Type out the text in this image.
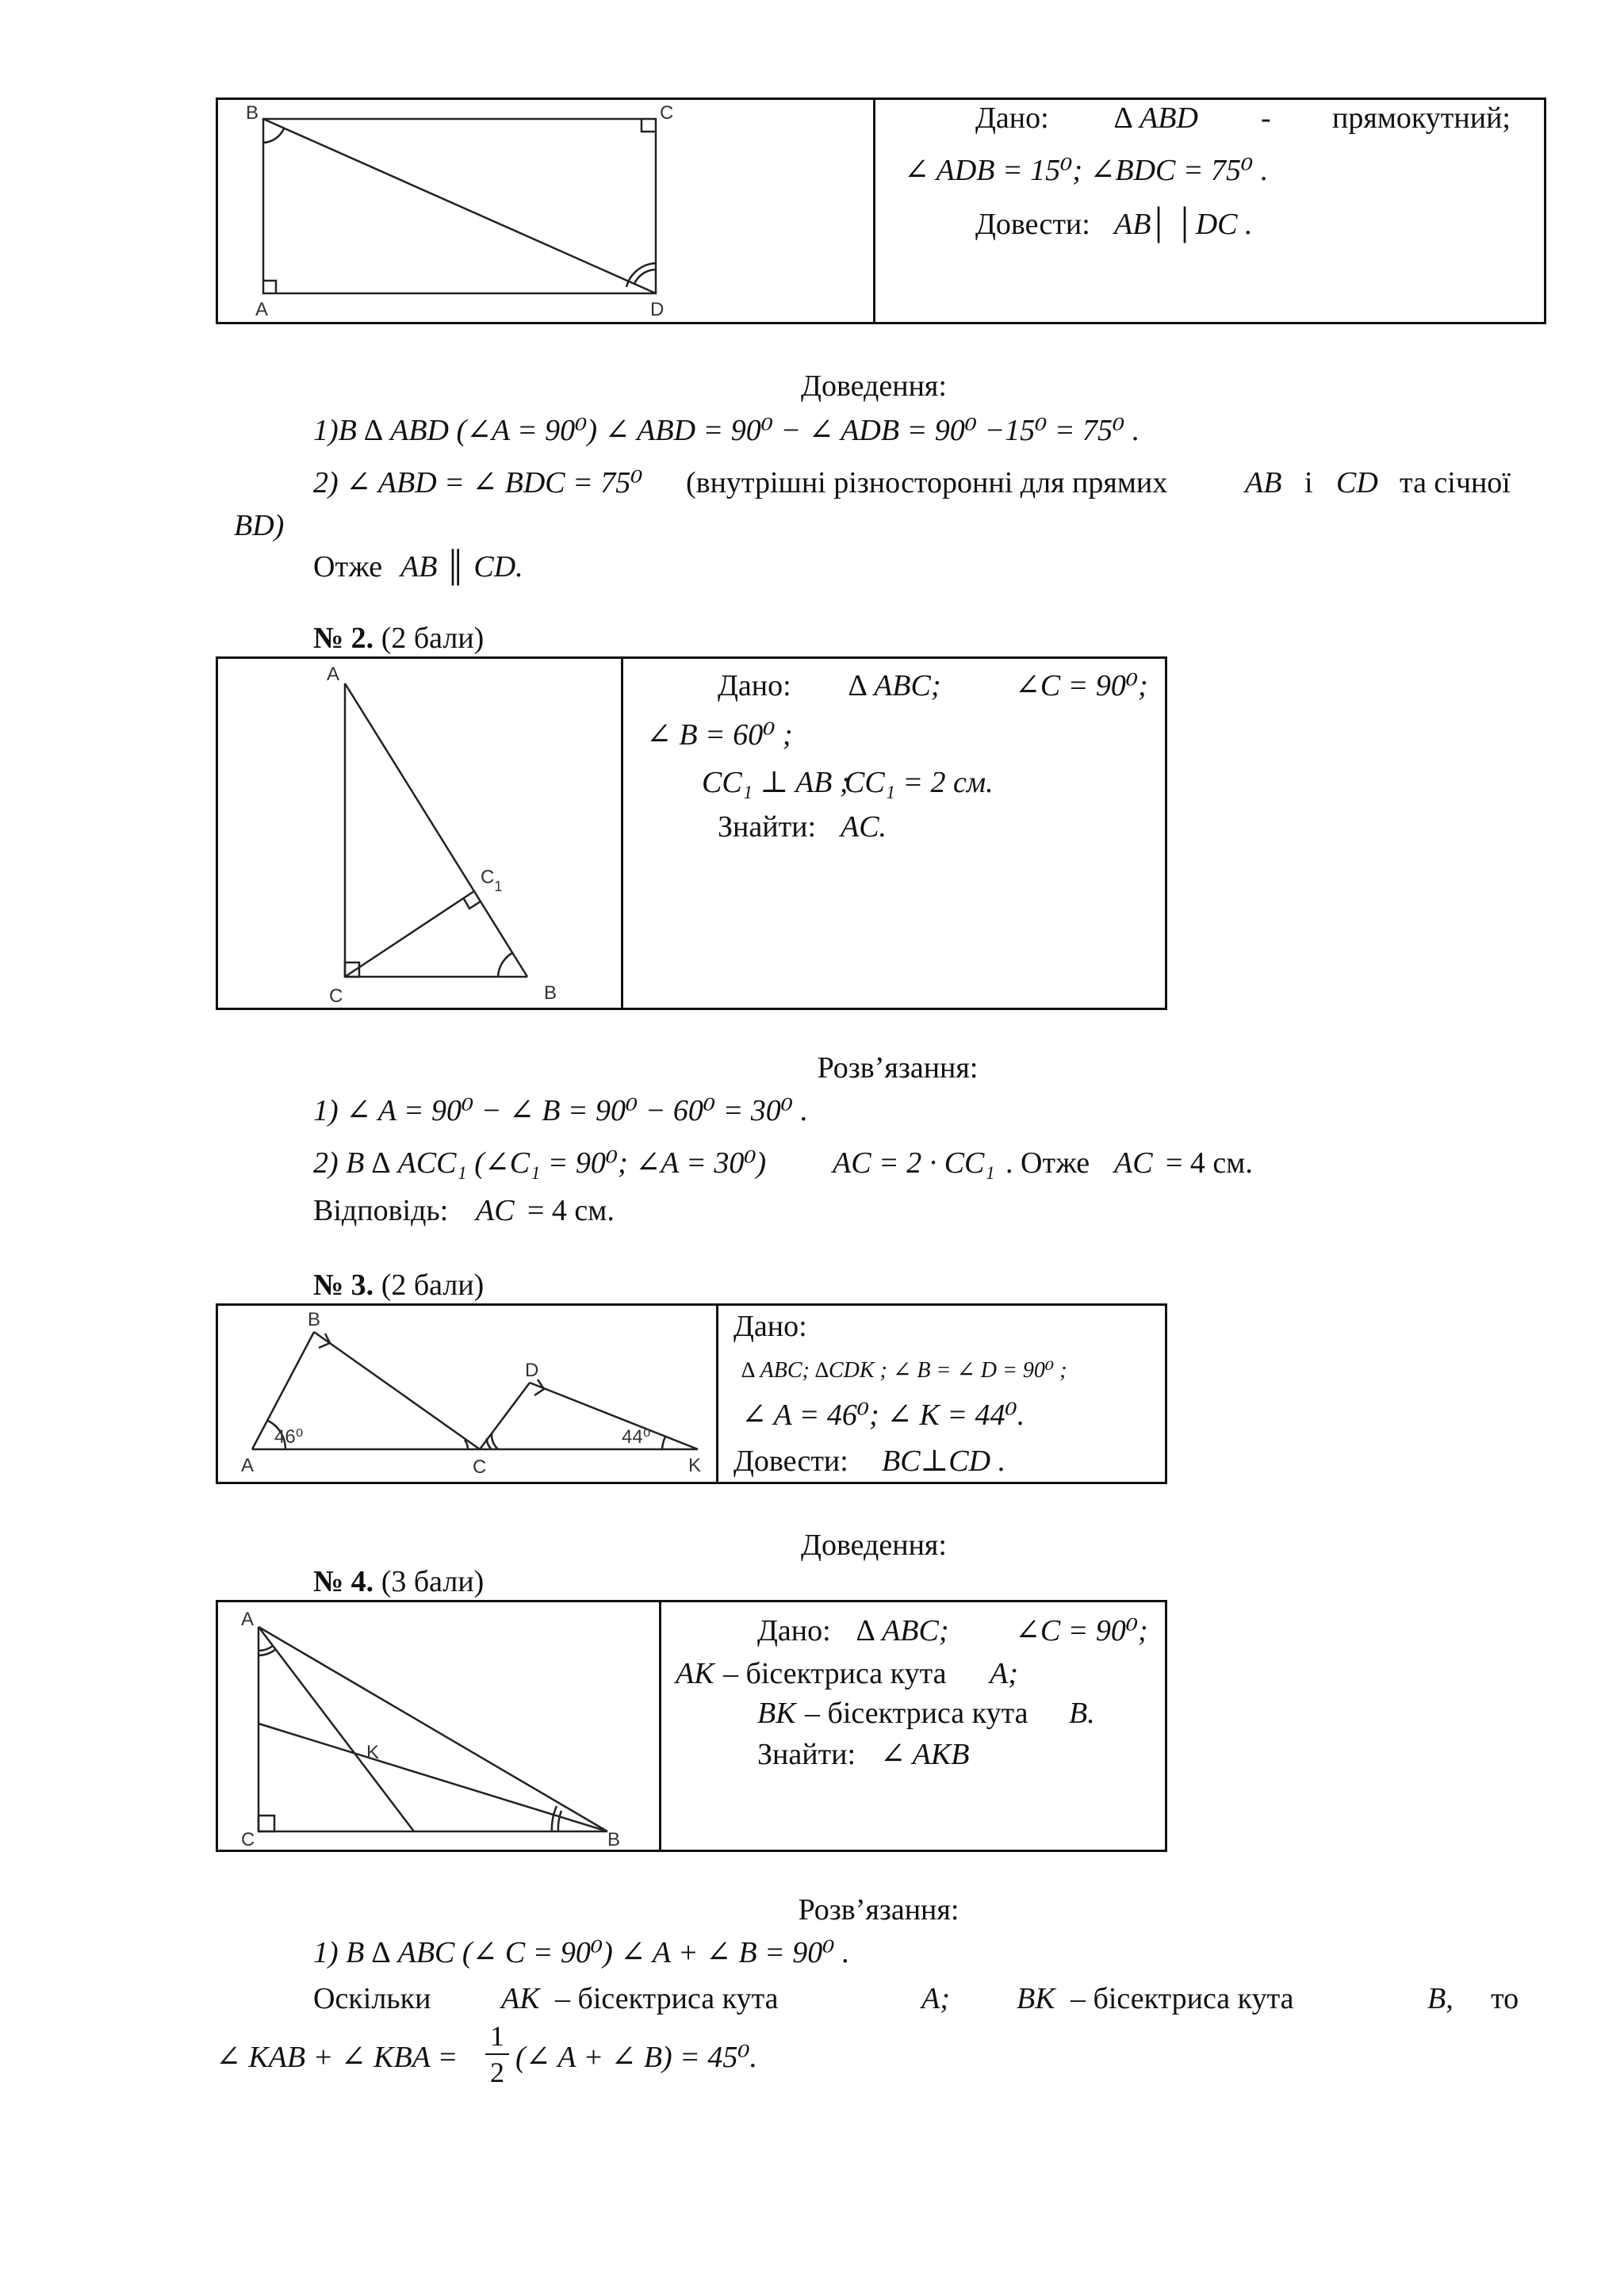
B	C
A	D
Дано: ∆ ABD - прямокутний;
∠ ADB = 15⁰; ∠BDC = 75⁰ .
Довести: AB│ │DC .
Доведення:
1)В ∆ ABD (∠A = 90⁰) ∠ ABD = 90⁰ − ∠ ADB = 90⁰ −15⁰ = 75⁰ .
2) ∠ ABD = ∠ BDC = 75⁰ (внутрішні різносторонні для прямих	AB і CD та січної
BD)
Отже AB ║ CD.
№ 2. (2 бали)
A
$C_1$
C	B
Дано: ∆ ABC; ∠C = 90⁰;
∠ B = 60⁰ ;
CC₁ ⊥ AB ;
CC₁ = 2 см.
Знайти: AC.
Розв’язання:
1) ∠ A = 90⁰ − ∠ B = 90⁰ − 60⁰ = 30⁰ .
2) В ∆ ACC₁ (∠C₁ = 90⁰; ∠A = 30⁰) AC = 2 · CC₁ . Отже AC = 4 см.
Відповідь: AC = 4 см.
№ 3. (2 бали)
B
D
A	C	K
46⁰	44⁰
Дано:
∆ ABC; ∆CDK ; ∠ B = ∠ D = 90⁰ ;
∠ A = 46⁰; ∠ K = 44⁰.
Довести: BC⊥CD .
Доведення:
№ 4. (3 бали)
A
C	B
K
Дано: ∆ ABC; ∠C = 90⁰;
AK – бісектриса кута A;
BK – бісектриса кута B.
Знайти: ∠ AKB
Розв’язання:
1) В ∆ ABC (∠ C = 90⁰) ∠ A + ∠ B = 90⁰ .
Оскільки AK – бісектриса кута	A; BK – бісектриса кута	B, то
∠ KAB + ∠ KBA = $\frac{1}{2}$ (∠ A + ∠ B) = 45⁰.
